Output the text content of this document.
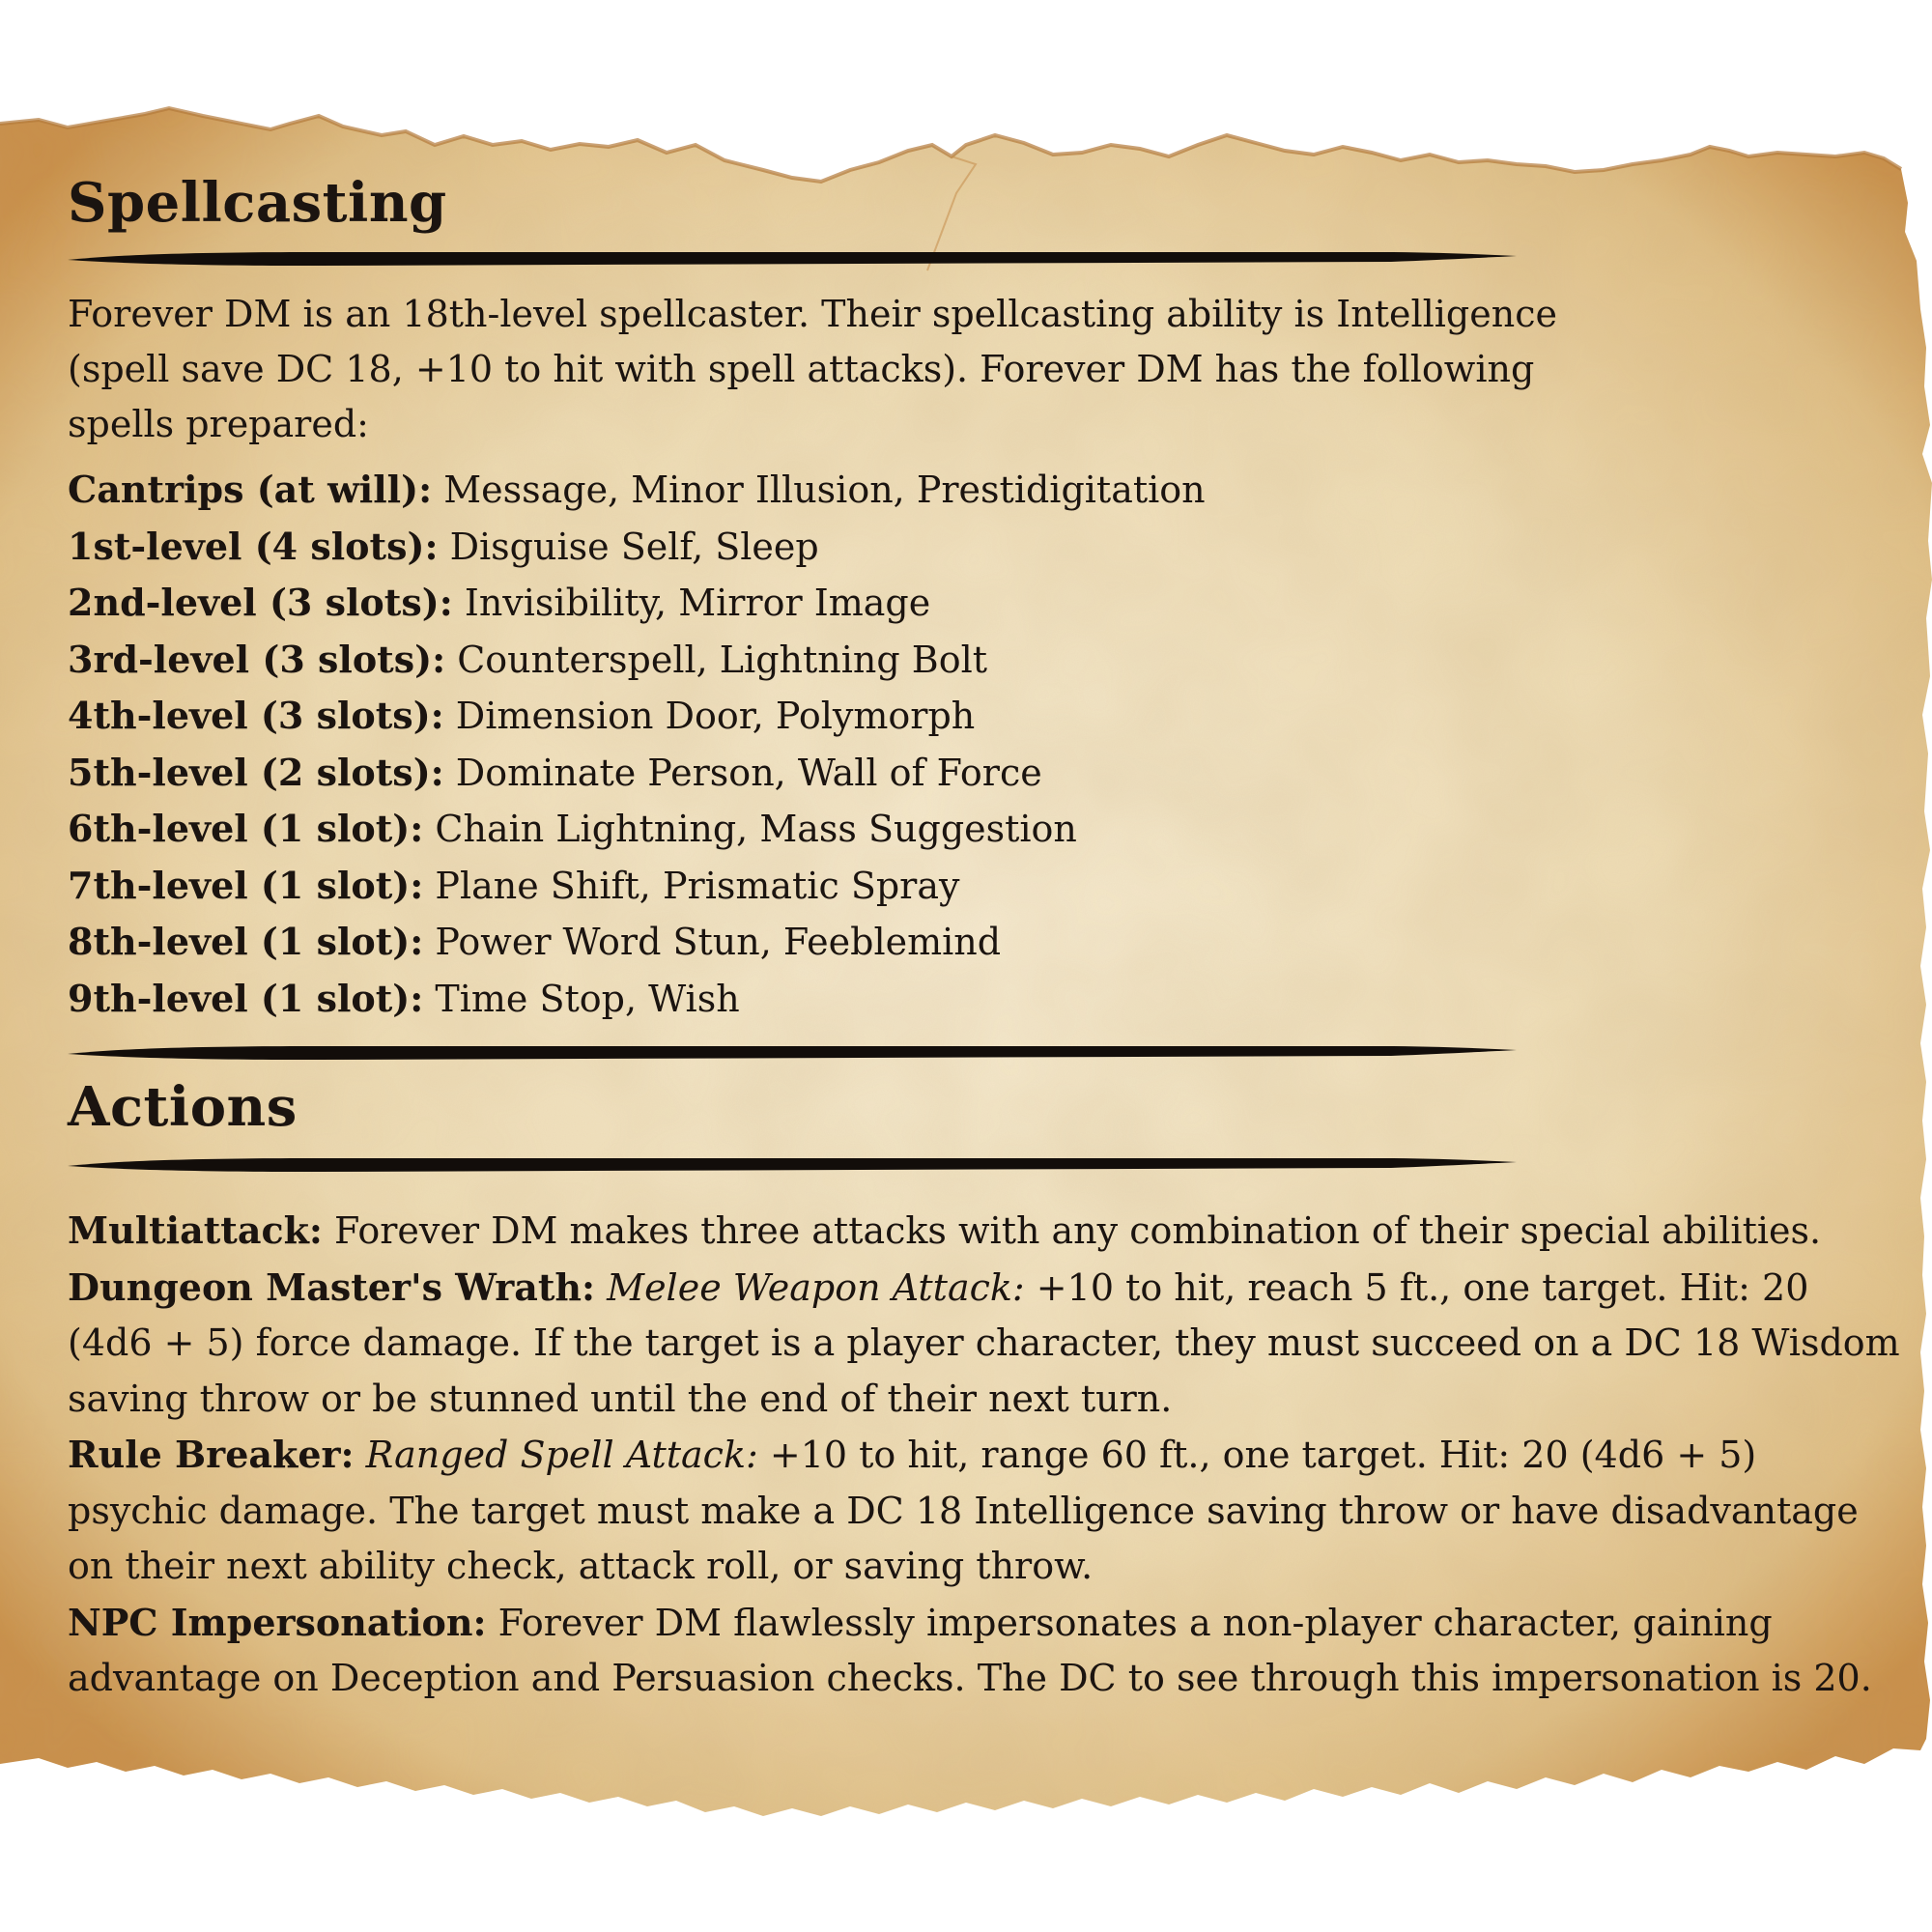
Spellcasting

Forever DM is an 18th-level spellcaster. Their spellcasting ability is Intelligence

(spell save DC 18, +10 to hit with spell attacks). Forever DM has the following

spells prepared:

Cantrips (at will): Message, Minor Illusion, Prestidigitation

1st-level (4 slots): Disguise Self, Sleep

2nd-level (3 slots): Invisibility, Mirror Image

3rd-level (3 slots): Counterspell, Lightning Bolt

4th-level (3 slots): Dimension Door, Polymorph

5th-level (2 slots): Dominate Person, Wall of Force

6th-level (1 slot): Chain Lightning, Mass Suggestion

7th-level (1 slot): Plane Shift, Prismatic Spray

8th-level (1 slot): Power Word Stun, Feeblemind

9th-level (1 slot): Time Stop, Wish

Actions

Multiattack: Forever DM makes three attacks with any combination of their special abilities.

Dungeon Master's Wrath: Melee Weapon Attack: +10 to hit, reach 5 ft., one target. Hit: 20 (4d6 + 5) force damage. If the target is a player character, they must succeed on a DC 18 Wisdom saving throw or be stunned until the end of their next turn.

Rule Breaker: Ranged Spell Attack: +10 to hit, range 60 ft., one target. Hit: 20 (4d6 + 5) psychic damage. The target must make a DC 18 Intelligence saving throw or have disadvantage on their next ability check, attack roll, or saving throw.

NPC Impersonation: Forever DM flawlessly impersonates a non-player character, gaining advantage on Deception and Persuasion checks. The DC to see through this impersonation is 20.
